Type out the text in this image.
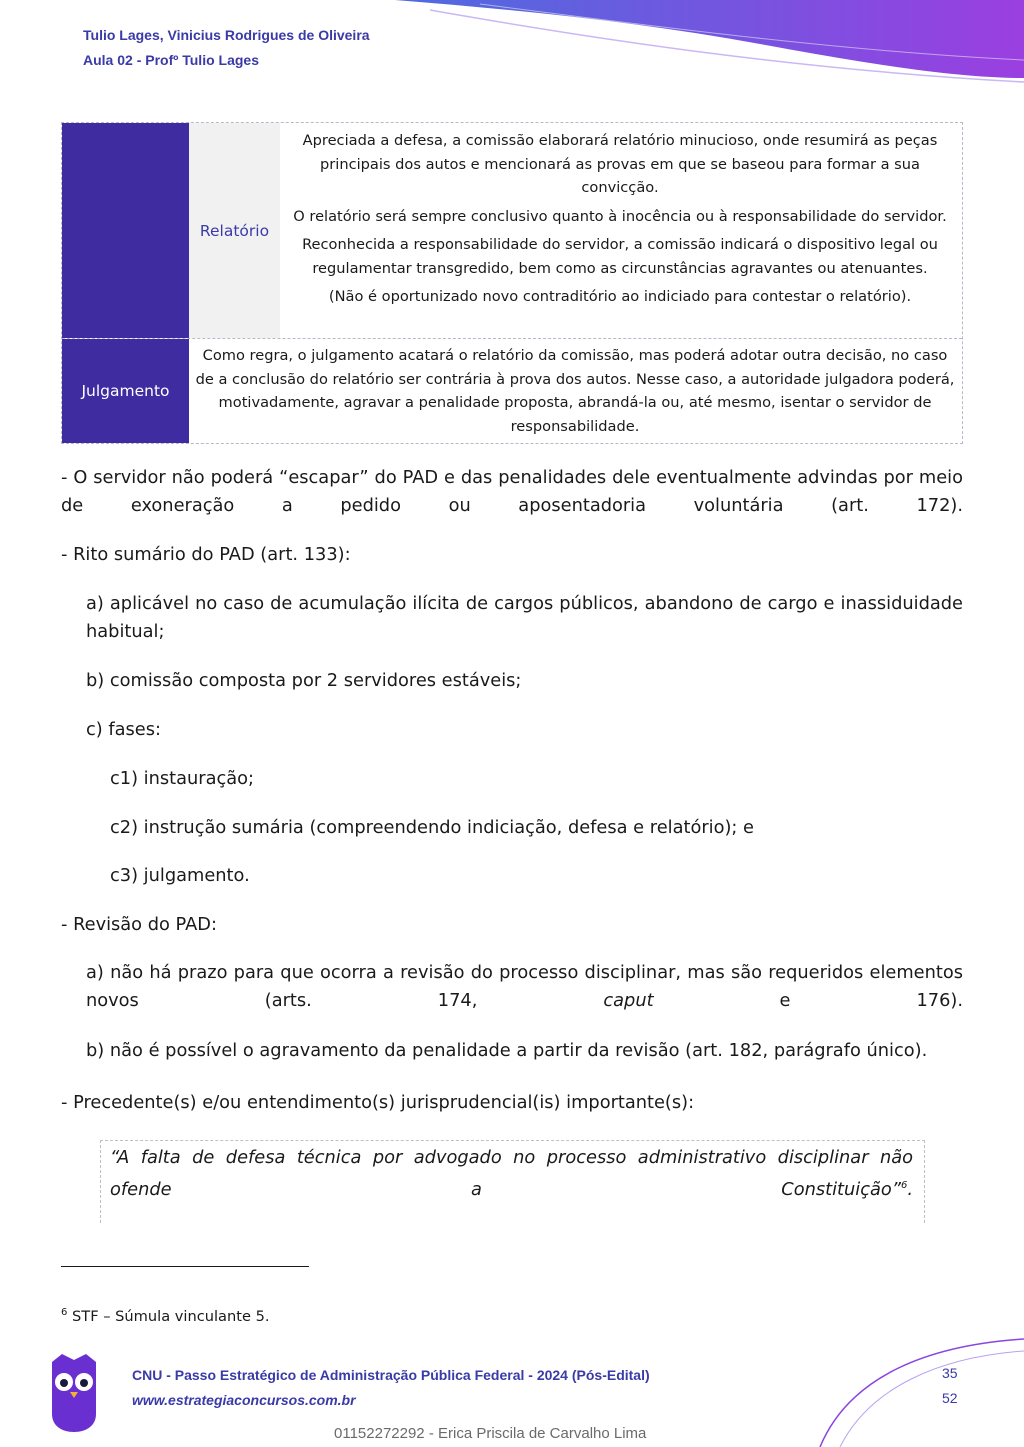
Tulio Lages, Vinicius Rodrigues de Oliveira
Aula 02 - Profº Tulio Lages
Relatório

Apreciada a defesa, a comissão elaborará relatório minucioso, onde resumirá as peças principais dos autos e mencionará as provas em que se baseou para formar a sua convicção.

O relatório será sempre conclusivo quanto à inocência ou à responsabilidade do servidor.

Reconhecida a responsabilidade do servidor, a comissão indicará o dispositivo legal ou regulamentar transgredido, bem como as circunstâncias agravantes ou atenuantes.

(Não é oportunizado novo contraditório ao indiciado para contestar o relatório).

Julgamento
Como regra, o julgamento acatará o relatório da comissão, mas poderá adotar outra decisão, no caso de a conclusão do relatório ser contrária à prova dos autos. Nesse caso, a autoridade julgadora poderá, motivadamente, agravar a penalidade proposta, abrandá-la ou, até mesmo, isentar o servidor de responsabilidade.
- O servidor não poderá “escapar” do PAD e das penalidades dele eventualmente advindas por meio de exoneração a pedido ou aposentadoria voluntária (art. 172).
- Rito sumário do PAD (art. 133):
a) aplicável no caso de acumulação ilícita de cargos públicos, abandono de cargo e inassiduidade habitual;
b) comissão composta por 2 servidores estáveis;
c) fases:
c1) instauração;
c2) instrução sumária (compreendendo indiciação, defesa e relatório); e
c3) julgamento.
- Revisão do PAD:
a) não há prazo para que ocorra a revisão do processo disciplinar, mas são requeridos elementos novos (arts. 174, caput e 176).
b) não é possível o agravamento da penalidade a partir da revisão (art. 182, parágrafo único).
- Precedente(s) e/ou entendimento(s) jurisprudencial(is) importante(s):
“A falta de defesa técnica por advogado no processo administrativo disciplinar não ofende a Constituição”$^6$.
$^6$ STF – Súmula vinculante 5.
CNU - Passo Estratégico de Administração Pública Federal - 2024 (Pós-Edital)
www.estrategiaconcursos.com.br
35
52
01152272292 - Erica Priscila de Carvalho Lima
